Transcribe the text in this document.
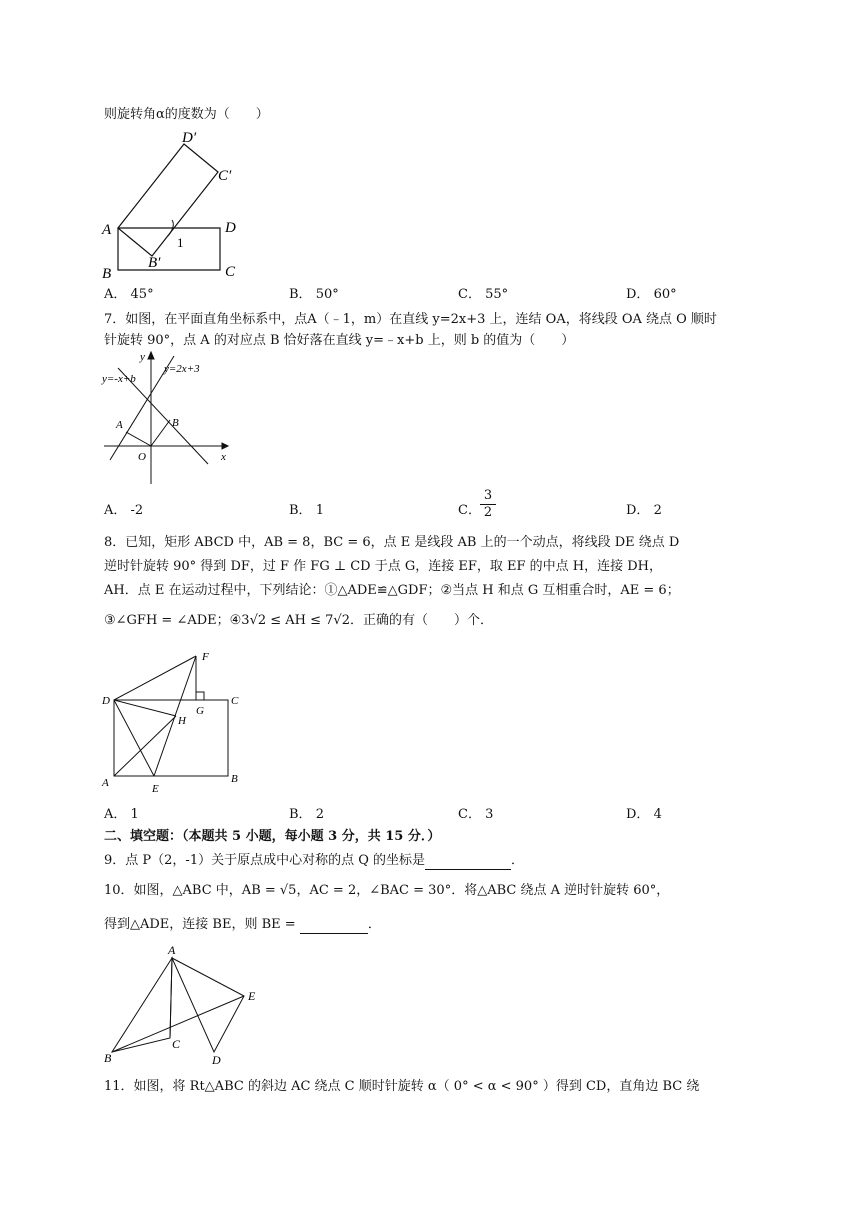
则旋转角α的度数为（　　）
D′
C′
A	D
1
B′
B	C
A． 45°	B． 50°	C． 55°	D． 60°
7．如图，在平面直角坐标系中，点A（﹣1，m）在直线 y=2x+3 上，连结 OA，将线段 OA 绕点 O 顺时
针旋转 90°，点 A 的对应点 B 恰好落在直线 y=﹣x+b 上，则 b 的值为（　　）
y
y=2x+3
y=-x+b
A	B
O	x
A． -2	B． 1	C． $\frac{3}{2}$	D． 2
8．已知，矩形 ABCD 中，AB = 8，BC = 6，点 E 是线段 AB 上的一个动点，将线段 DE 绕点 D
逆时针旋转 90° 得到 DF，过 F 作 FG ⊥ CD 于点 G，连接 EF，取 EF 的中点 H，连接 DH，
AH．点 E 在运动过程中，下列结论：①△ADE≌△GDF；②当点 H 和点 G 互相重合时，AE = 6；
③∠GFH = ∠ADE；④3√2 ≤ AH ≤ 7√2．正确的有（　　）个．
F
D
G
C
H
A	E
B
A． 1	B． 2	C． 3	D． 4
二、填空题：（本题共 5 小题，每小题 3 分，共 15 分．）
9．点 P（2，-1）关于原点成中心对称的点 Q 的坐标是	．
10．如图，△ABC 中，AB = √5，AC = 2，∠BAC = 30°．将△ABC 绕点 A 逆时针旋转 60°，
得到△ADE，连接 BE，则 BE =	．
A
E
B
C
D
11．如图，将 Rt△ABC 的斜边 AC 绕点 C 顺时针旋转 α（ 0° < α < 90° ）得到 CD，直角边 BC 绕
